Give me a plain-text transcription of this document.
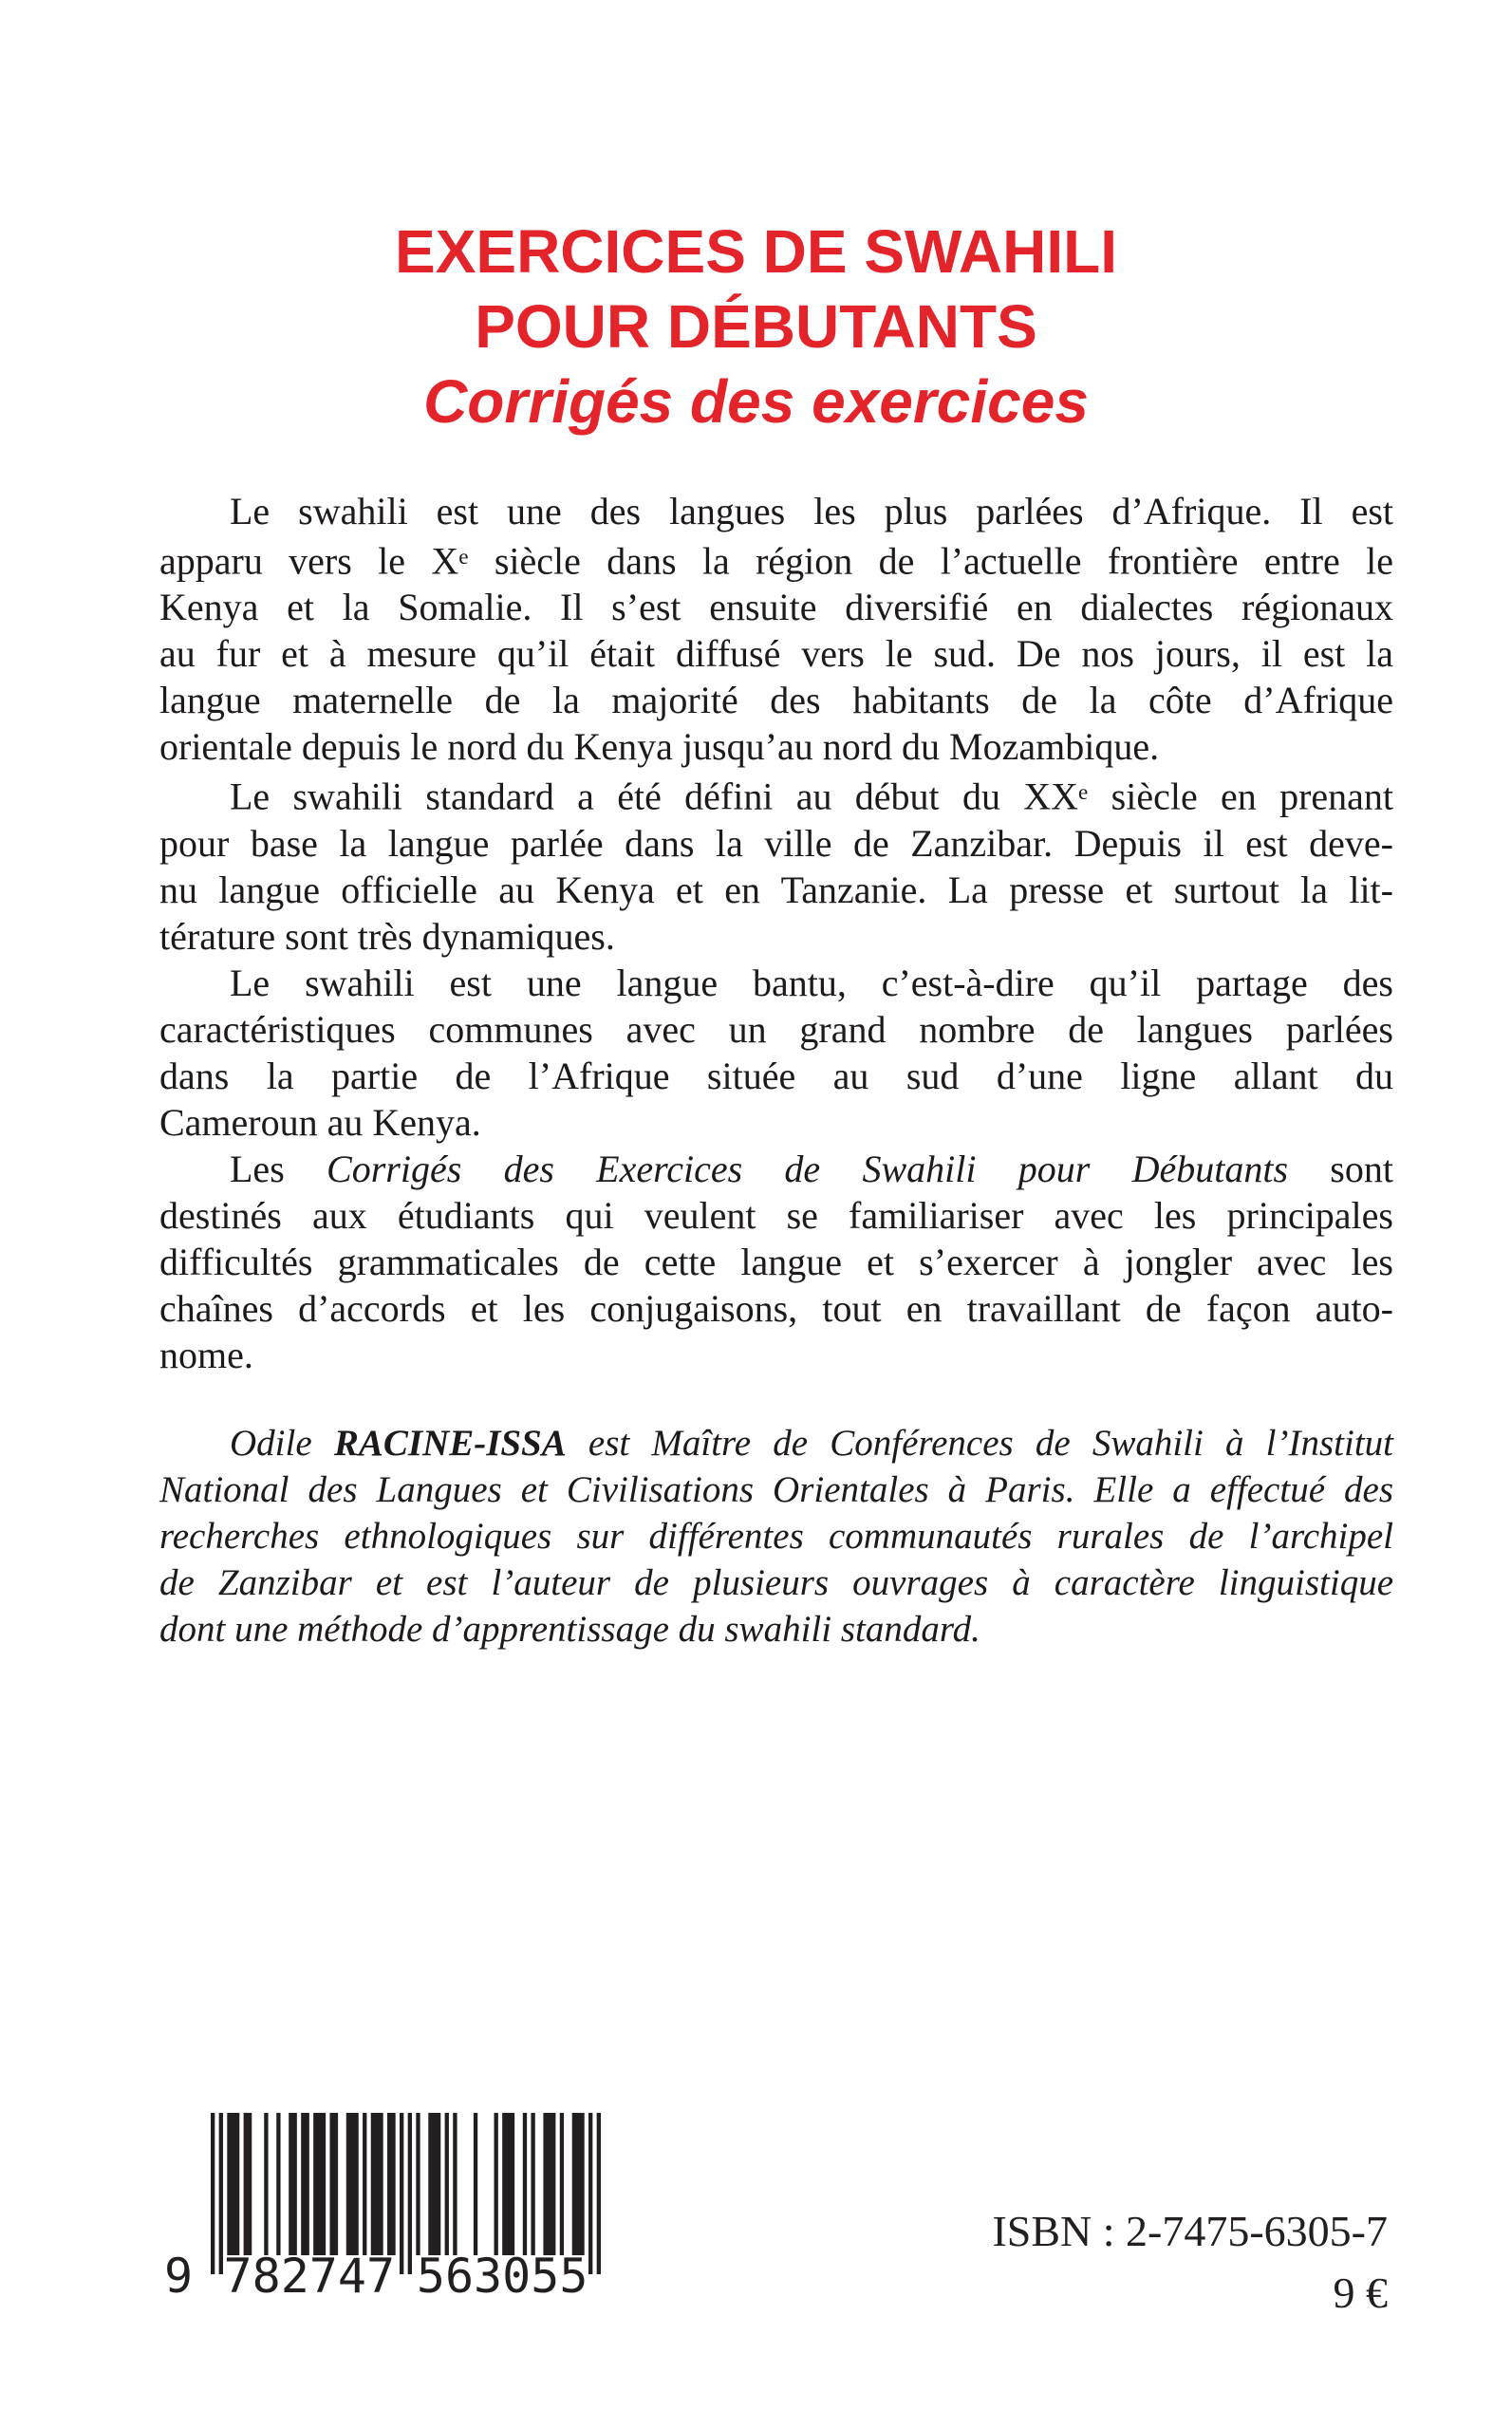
EXERCICES DE SWAHILI
POUR DÉBUTANTS
Corrigés des exercices
Le swahili est une des langues les plus parlées d’Afrique. Il est
apparu vers le Xe siècle dans la région de l’actuelle frontière entre le
Kenya et la Somalie. Il s’est ensuite diversifié en dialectes régionaux
au fur et à mesure qu’il était diffusé vers le sud. De nos jours, il est la
langue maternelle de la majorité des habitants de la côte d’Afrique
orientale depuis le nord du Kenya jusqu’au nord du Mozambique.
Le swahili standard a été défini au début du XXe siècle en prenant
pour base la langue parlée dans la ville de Zanzibar. Depuis il est deve-
nu langue officielle au Kenya et en Tanzanie. La presse et surtout la lit-
térature sont très dynamiques.
Le swahili est une langue bantu, c’est-à-dire qu’il partage des
caractéristiques communes avec un grand nombre de langues parlées
dans la partie de l’Afrique située au sud d’une ligne allant du
Cameroun au Kenya.
Les Corrigés des Exercices de Swahili pour Débutants sont
destinés aux étudiants qui veulent se familiariser avec les principales
difficultés grammaticales de cette langue et s’exercer à jongler avec les
chaînes d’accords et les conjugaisons, tout en travaillant de façon auto-
nome.
Odile RACINE-ISSA est Maître de Conférences de Swahili à l’Institut
National des Langues et Civilisations Orientales à Paris. Elle a effectué des
recherches ethnologiques sur différentes communautés rurales de l’archipel
de Zanzibar et est l’auteur de plusieurs ouvrages à caractère linguistique
dont une méthode d’apprentissage du swahili standard.
9 782747 563055
ISBN : 2-7475-6305-7
9 €
